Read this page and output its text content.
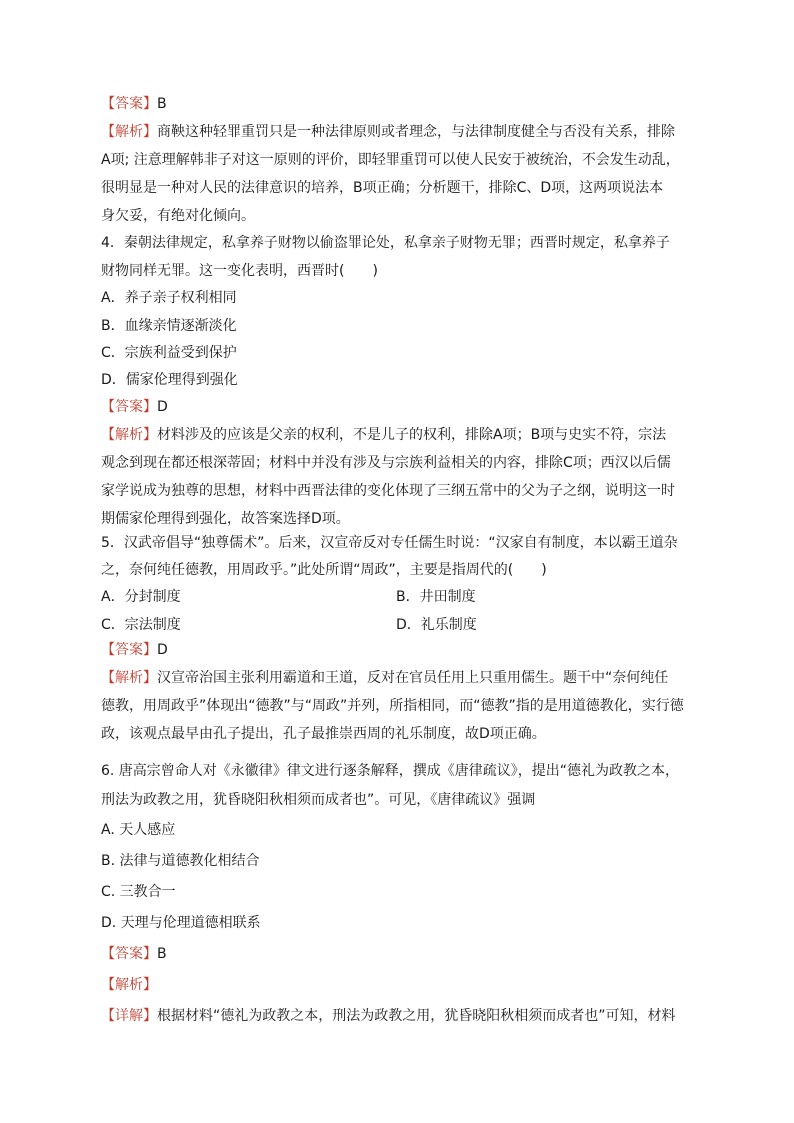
【答案】B
【解析】商鞅这种轻罪重罚只是一种法律原则或者理念，与法律制度健全与否没有关系，排除
A项; 注意理解韩非子对这一原则的评价，即轻罪重罚可以使人民安于被统治，不会发生动乱，
很明显是一种对人民的法律意识的培养，B项正确；分析题干，排除C、D项，这两项说法本
身欠妥，有绝对化倾向。
4．秦朝法律规定，私拿养子财物以偷盗罪论处，私拿亲子财物无罪；西晋时规定，私拿养子
财物同样无罪。这一变化表明，西晋时(　　)
A．养子亲子权利相同
B．血缘亲情逐渐淡化
C．宗族利益受到保护
D．儒家伦理得到强化
【答案】D
【解析】材料涉及的应该是父亲的权利，不是儿子的权利，排除A项；B项与史实不符，宗法
观念到现在都还根深蒂固；材料中并没有涉及与宗族利益相关的内容，排除C项；西汉以后儒
家学说成为独尊的思想，材料中西晋法律的变化体现了三纲五常中的父为子之纲，说明这一时
期儒家伦理得到强化，故答案选择D项。
5．汉武帝倡导“独尊儒术”。后来，汉宣帝反对专任儒生时说：“汉家自有制度，本以霸王道杂
之，奈何纯任德教，用周政乎。”此处所谓“周政”，主要是指周代的(　　)
A．分封制度	B．井田制度
C．宗法制度	D．礼乐制度
【答案】D
【解析】汉宣帝治国主张利用霸道和王道，反对在官员任用上只重用儒生。题干中“奈何纯任
德教，用周政乎”体现出“德教”与“周政”并列，所指相同，而“德教”指的是用道德教化，实行德
政，该观点最早由孔子提出，孔子最推崇西周的礼乐制度，故D项正确。
6. 唐高宗曾命人对《永徽律》律文进行逐条解释，撰成《唐律疏议》，提出“德礼为政教之本，
刑法为政教之用，犹昏晓阳秋相须而成者也”。可见，《唐律疏议》强调
A. 天人感应
B. 法律与道德教化相结合
C. 三教合一
D. 天理与伦理道德相联系
【答案】B
【解析】
【详解】根据材料“德礼为政教之本，刑法为政教之用，犹昏晓阳秋相须而成者也”可知，材料
